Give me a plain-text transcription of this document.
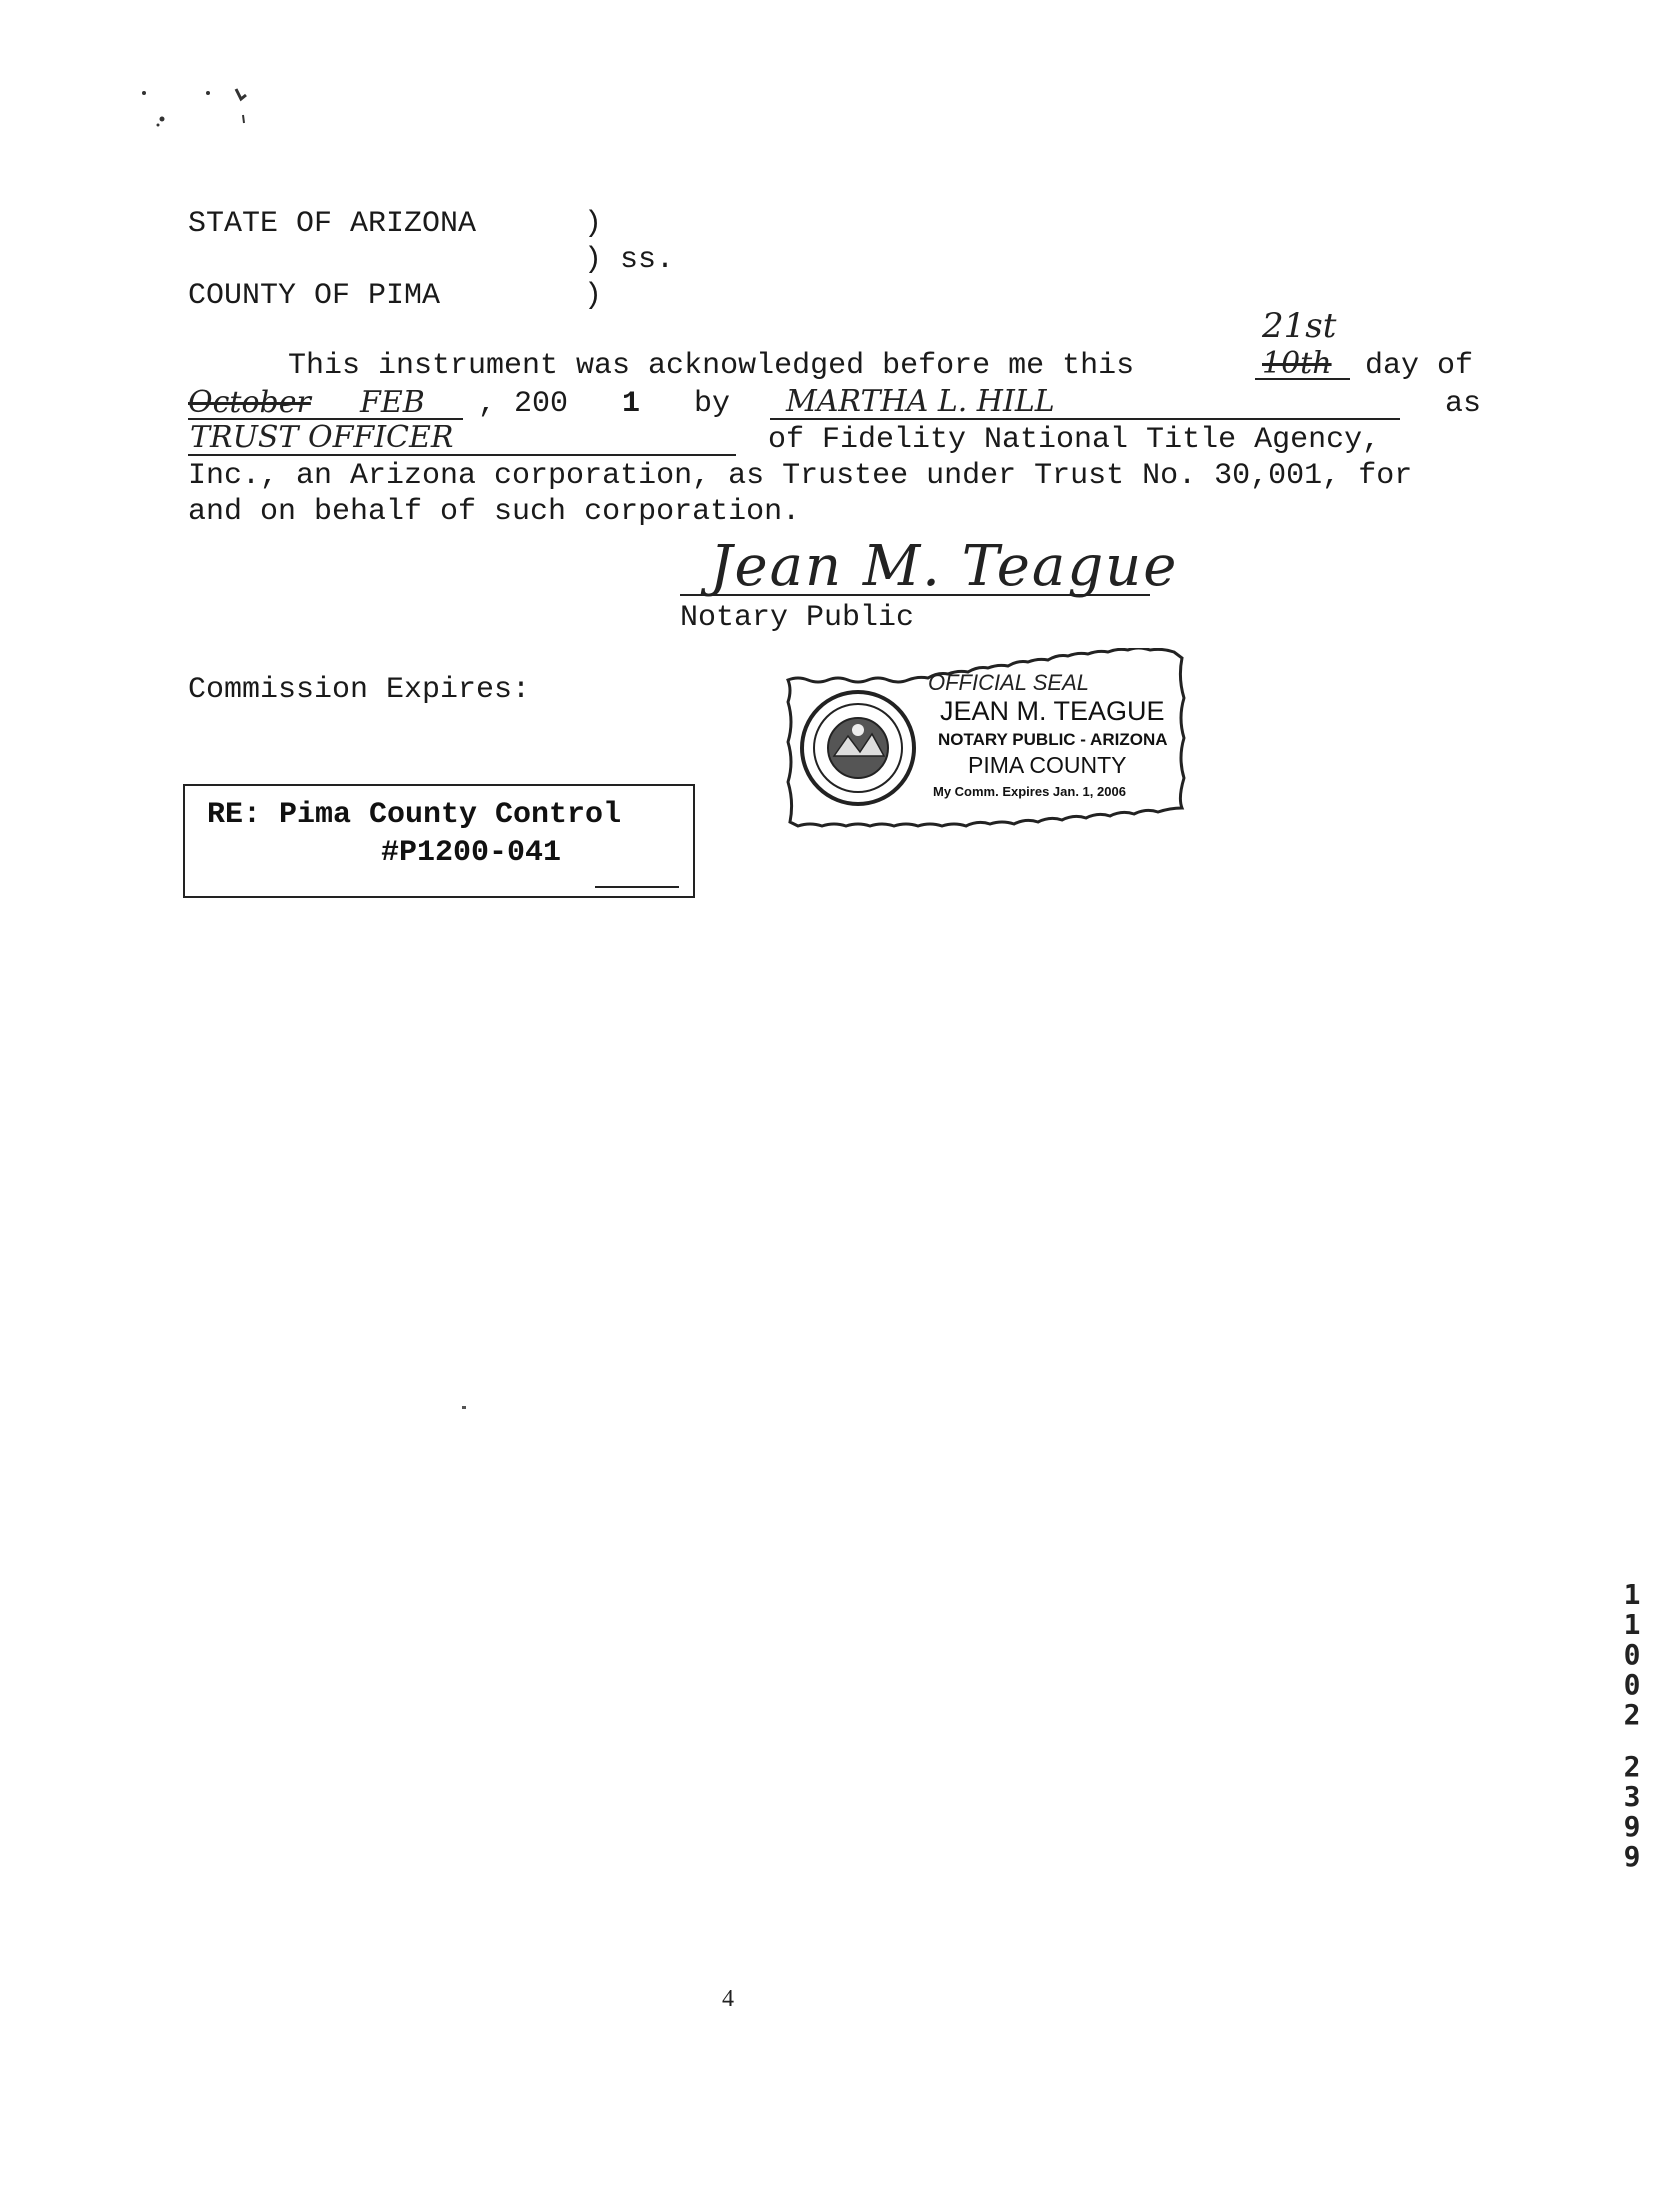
STATE OF ARIZONA	)
) ss.
COUNTY OF PIMA	)
This instrument was acknowledged before me this
21st
10th day of
October FEB , 200 1 by MARTHA L. HILL	as
TRUST OFFICER	of Fidelity National Title Agency,
Inc., an Arizona corporation, as Trustee under Trust No. 30,001, for
and on behalf of such corporation.
Jean M. Teague
Notary Public
Commission Expires:	OFFICIAL SEAL
JEAN M. TEAGUE
NOTARY PUBLIC - ARIZONA
PIMA COUNTY
My Comm. Expires Jan. 1, 2006
RE: Pima County Control
#P1200-041
1
1
0
0
2
2
3
9
9
4
